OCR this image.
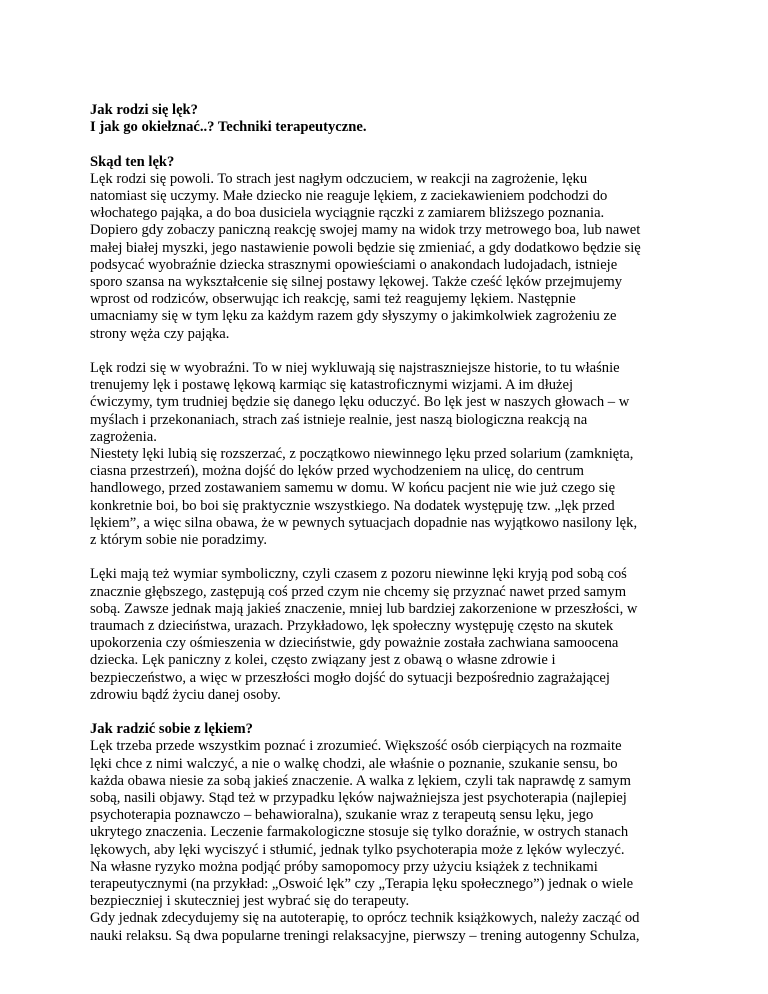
Jak rodzi się lęk?
I jak go okiełznać..? Techniki terapeutyczne.

Skąd ten lęk?
Lęk rodzi się powoli. To strach jest nagłym odczuciem, w reakcji na zagrożenie, lęku
natomiast się uczymy. Małe dziecko nie reaguje lękiem, z zaciekawieniem podchodzi do
włochatego pająka, a do boa dusiciela wyciągnie rączki z zamiarem bliższego poznania.
Dopiero gdy zobaczy paniczną reakcję swojej mamy na widok trzy metrowego boa, lub nawet
małej białej myszki, jego nastawienie powoli będzie się zmieniać, a gdy dodatkowo będzie się
podsycać wyobraźnie dziecka strasznymi opowieściami o anakondach ludojadach, istnieje
sporo szansa na wykształcenie się silnej postawy lękowej. Także cześć lęków przejmujemy
wprost od rodziców, obserwując ich reakcję, sami też reagujemy lękiem. Następnie
umacniamy się w tym lęku za każdym razem gdy słyszymy o jakimkolwiek zagrożeniu ze
strony węża czy pająka.

Lęk rodzi się w wyobraźni. To w niej wykluwają się najstraszniejsze historie, to tu właśnie
trenujemy lęk i postawę lękową karmiąc się katastroficznymi wizjami. A im dłużej
ćwiczymy, tym trudniej będzie się danego lęku oduczyć. Bo lęk jest w naszych głowach – w
myślach i przekonaniach, strach zaś istnieje realnie, jest naszą biologiczna reakcją na
zagrożenia.

Niestety lęki lubią się rozszerzać, z początkowo niewinnego lęku przed solarium (zamknięta,
ciasna przestrzeń), można dojść do lęków przed wychodzeniem na ulicę, do centrum
handlowego, przed zostawaniem samemu w domu. W końcu pacjent nie wie już czego się
konkretnie boi, bo boi się praktycznie wszystkiego. Na dodatek występuję tzw. „lęk przed
lękiem”, a więc silna obawa, że w pewnych sytuacjach dopadnie nas wyjątkowo nasilony lęk,
z którym sobie nie poradzimy.

Lęki mają też wymiar symboliczny, czyli czasem z pozoru niewinne lęki kryją pod sobą coś
znacznie głębszego, zastępują coś przed czym nie chcemy się przyznać nawet przed samym
sobą. Zawsze jednak mają jakieś znaczenie, mniej lub bardziej zakorzenione w przeszłości, w
traumach z dzieciństwa, urazach. Przykładowo, lęk społeczny występuję często na skutek
upokorzenia czy ośmieszenia w dzieciństwie, gdy poważnie została zachwiana samoocena
dziecka. Lęk paniczny z kolei, często związany jest z obawą o własne zdrowie i
bezpieczeństwo, a więc w przeszłości mogło dojść do sytuacji bezpośrednio zagrażającej
zdrowiu bądź życiu danej osoby.

Jak radzić sobie z lękiem?
Lęk trzeba przede wszystkim poznać i zrozumieć. Większość osób cierpiących na rozmaite
lęki chce z nimi walczyć, a nie o walkę chodzi, ale właśnie o poznanie, szukanie sensu, bo
każda obawa niesie za sobą jakieś znaczenie. A walka z lękiem, czyli tak naprawdę z samym
sobą, nasili objawy. Stąd też w przypadku lęków najważniejsza jest psychoterapia (najlepiej
psychoterapia poznawczo – behawioralna), szukanie wraz z terapeutą sensu lęku, jego
ukrytego znaczenia. Leczenie farmakologiczne stosuje się tylko doraźnie, w ostrych stanach
lękowych, aby lęki wyciszyć i stłumić, jednak tylko psychoterapia może z lęków wyleczyć.
Na własne ryzyko można podjąć próby samopomocy przy użyciu książek z technikami
terapeutycznymi (na przykład: „Oswoić lęk” czy „Terapia lęku społecznego”) jednak o wiele
bezpieczniej i skuteczniej jest wybrać się do terapeuty.

Gdy jednak zdecydujemy się na autoterapię, to oprócz technik książkowych, należy zacząć od
nauki relaksu. Są dwa popularne treningi relaksacyjne, pierwszy – trening autogenny Schulza,
